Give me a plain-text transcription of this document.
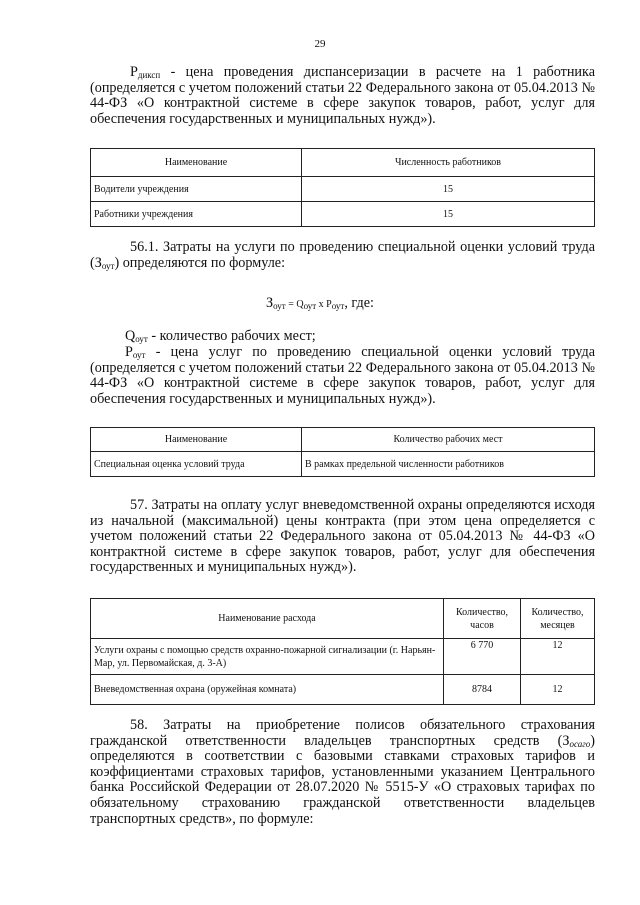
29
$Р_{диксп}$ - цена проведения диспансеризации в расчете на 1 работника (определяется с учетом положений статьи 22 Федерального закона от 05.04.2013 № 44-ФЗ «О контрактной системе в сфере закупок товаров, работ, услуг для обеспечения государственных и муниципальных нужд»).
Наименование	Численность работников
Водители учреждения	15
Работники учреждения	15
56.1. Затраты на услуги по проведению специальной оценки условий труда $(З_{оут})$ определяются по формуле:
$З_{оут} = Q_{оут}$ х $Р_{оут}$, где:
$Q_{оут}$ - количество рабочих мест;
$Р_{оут}$ - цена услуг по проведению специальной оценки условий труда (определяется с учетом положений статьи 22 Федерального закона от 05.04.2013 № 44-ФЗ «О контрактной системе в сфере закупок товаров, работ, услуг для обеспечения государственных и муниципальных нужд»).
Наименование	Количество рабочих мест
Специальная оценка условий труда	В рамках предельной численности работников
57. Затраты на оплату услуг вневедомственной охраны определяются исходя из начальной (максимальной) цены контракта (при этом цена определяется с учетом положений статьи 22 Федерального закона от 05.04.2013 № 44-ФЗ «О контрактной системе в сфере закупок товаров, работ, услуг для обеспечения государственных и муниципальных нужд»).
Наименование расхода	Количество, часов	Количество, месяцев
Услуги охраны с помощью средств охранно-пожарной сигнализации (г. Нарьян-Мар, ул. Первомайская, д. 3-А)	6 770	12
Вневедомственная охрана (оружейная комната)	8784	12
58. Затраты на приобретение полисов обязательного страхования гражданской ответственности владельцев транспортных средств $(З_{осаго})$ определяются в соответствии с базовыми ставками страховых тарифов и коэффициентами страховых тарифов, установленными указанием Центрального банка Российской Федерации от 28.07.2020 № 5515-У «О страховых тарифах по обязательному страхованию гражданской ответственности владельцев транспортных средств», по формуле:
